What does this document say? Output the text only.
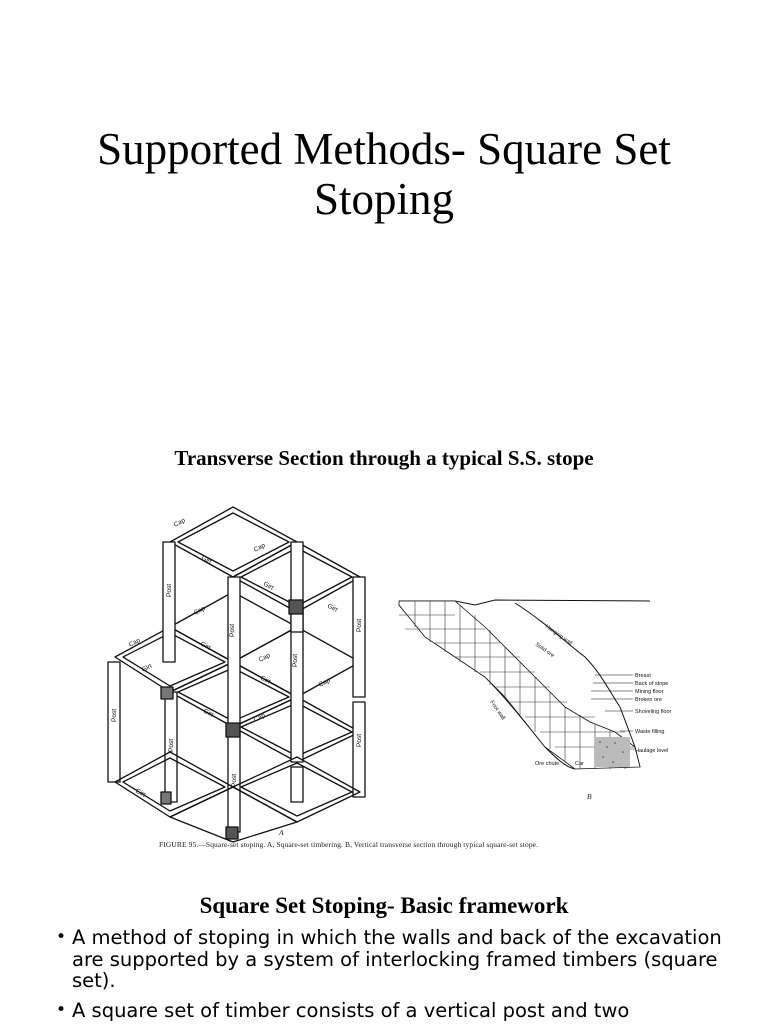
Supported Methods- Square Set Stoping
Transverse Section through a typical S.S. stope
Cap
Cap
Cap
Cap
Cap
Cap
Cap
Girt
Girt
Girt
Girt
Girt
Girt
Girt
Girt
Post
Post	Post
Post
Post
Post
Post
Post
A
Hanging wall
Solid ore
Foot wall
Breast
Back of stope
Mining floor
Broken ore
Shoveling floor
Waste filling
Haulage level
Ore chute	Car
B
FIGURE 95.—Square-set stoping. A, Square-set timbering. B, Vertical transverse section through typical square-set stope.
Square Set Stoping- Basic framework
• A method of stoping in which the walls and back of the excavation are supported by a system of interlocking framed timbers (square set).
• A square set of timber consists of a vertical post and two
